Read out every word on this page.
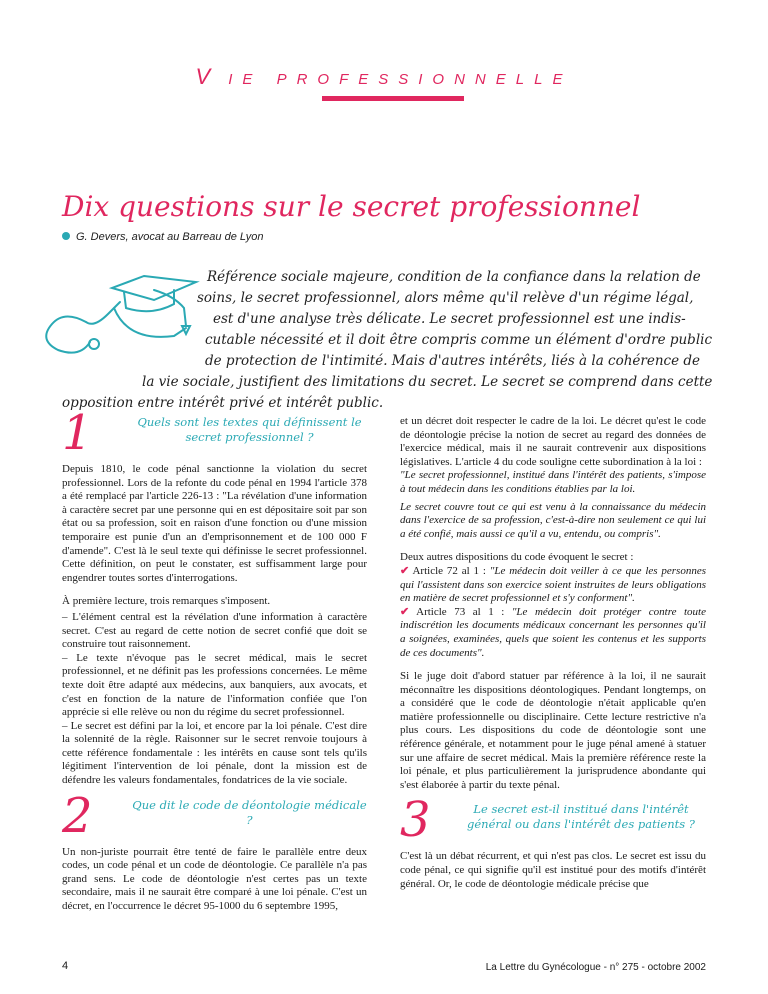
V IE PROFESSIONNELLE
Dix questions sur le secret professionnel
G. Devers, avocat au Barreau de Lyon
Référence sociale majeure, condition de la confiance dans la relation de
soins, le secret professionnel, alors même qu'il relève d'un régime légal,
est d'une analyse très délicate. Le secret professionnel est une indis-
cutable nécessité et il doit être compris comme un élément d'ordre public
de protection de l'intimité. Mais d'autres intérêts, liés à la cohérence de
la vie sociale, justifient des limitations du secret. Le secret se comprend dans cette
opposition entre intérêt privé et intérêt public.
1	Quels sont les textes qui définissent le secret professionnel ?

Depuis 1810, le code pénal sanctionne la violation du secret professionnel. Lors de la refonte du code pénal en 1994 l'article 378 a été remplacé par l'article 226-13 : "La révélation d'une information à caractère secret par une personne qui en est dépositaire soit par son état ou sa profession, soit en raison d'une fonction ou d'une mission temporaire est punie d'un an d'emprisonnement et de 100 000 F d'amende". C'est là le seul texte qui définisse le secret professionnel. Cette définition, on peut le constater, est suffisamment large pour engendrer toutes sortes d'interrogations.

À première lecture, trois remarques s'imposent.

– L'élément central est la révélation d'une information à caractère secret. C'est au regard de cette notion de secret confié que doit se construire tout raisonnement.

– Le texte n'évoque pas le secret médical, mais le secret professionnel, et ne définit pas les professions concernées. Le même texte doit être adapté aux médecins, aux banquiers, aux avocats, et c'est en fonction de la nature de l'information confiée que l'on apprécie si elle relève ou non du régime du secret professionnel.

– Le secret est défini par la loi, et encore par la loi pénale. C'est dire la solennité de la règle. Raisonner sur le secret renvoie toujours à cette référence fondamentale : les intérêts en cause sont tels qu'ils légitiment l'intervention de loi pénale, dont la mission est de défendre les valeurs fondamentales, fondatrices de la vie sociale.

2	Que dit le code de déontologie médicale ?

Un non-juriste pourrait être tenté de faire le parallèle entre deux codes, un code pénal et un code de déontologie. Ce parallèle n'a pas grand sens. Le code de déontologie n'est certes pas un texte secondaire, mais il ne saurait être comparé à une loi pénale. C'est un décret, en l'occurrence le décret 95-1000 du 6 septembre 1995,

et un décret doit respecter le cadre de la loi. Le décret qu'est le code de déontologie précise la notion de secret au regard des données de l'exercice médical, mais il ne saurait contrevenir aux dispositions législatives. L'article 4 du code souligne cette subordination à la loi :

"Le secret professionnel, institué dans l'intérêt des patients, s'impose à tout médecin dans les conditions établies par la loi.

Le secret couvre tout ce qui est venu à la connaissance du médecin dans l'exercice de sa profession, c'est-à-dire non seulement ce qui lui a été confié, mais aussi ce qu'il a vu, entendu, ou compris".

Deux autres dispositions du code évoquent le secret :

✔ Article 72 al 1 : "Le médecin doit veiller à ce que les personnes qui l'assistent dans son exercice soient instruites de leurs obligations en matière de secret professionnel et s'y conforment".

✔ Article 73 al 1 : "Le médecin doit protéger contre toute indiscrétion les documents médicaux concernant les personnes qu'il a soignées, examinées, quels que soient les contenus et les supports de ces documents".

Si le juge doit d'abord statuer par référence à la loi, il ne saurait méconnaître les dispositions déontologiques. Pendant longtemps, on a considéré que le code de déontologie n'était applicable qu'en matière professionnelle ou disciplinaire. Cette lecture restrictive n'a plus cours. Les dispositions du code de déontologie sont une référence générale, et notamment pour le juge pénal amené à statuer sur une affaire de secret médical. Mais la première référence reste la loi pénale, et plus particulièrement la jurisprudence abondante qui s'est élaborée à partir du texte pénal.

3	Le secret est-il institué dans l'intérêt général ou dans l'intérêt des patients ?

C'est là un débat récurrent, et qui n'est pas clos. Le secret est issu du code pénal, ce qui signifie qu'il est institué pour des motifs d'intérêt général. Or, le code de déontologie médicale précise que

4	La Lettre du Gynécologue - n° 275 - octobre 2002
